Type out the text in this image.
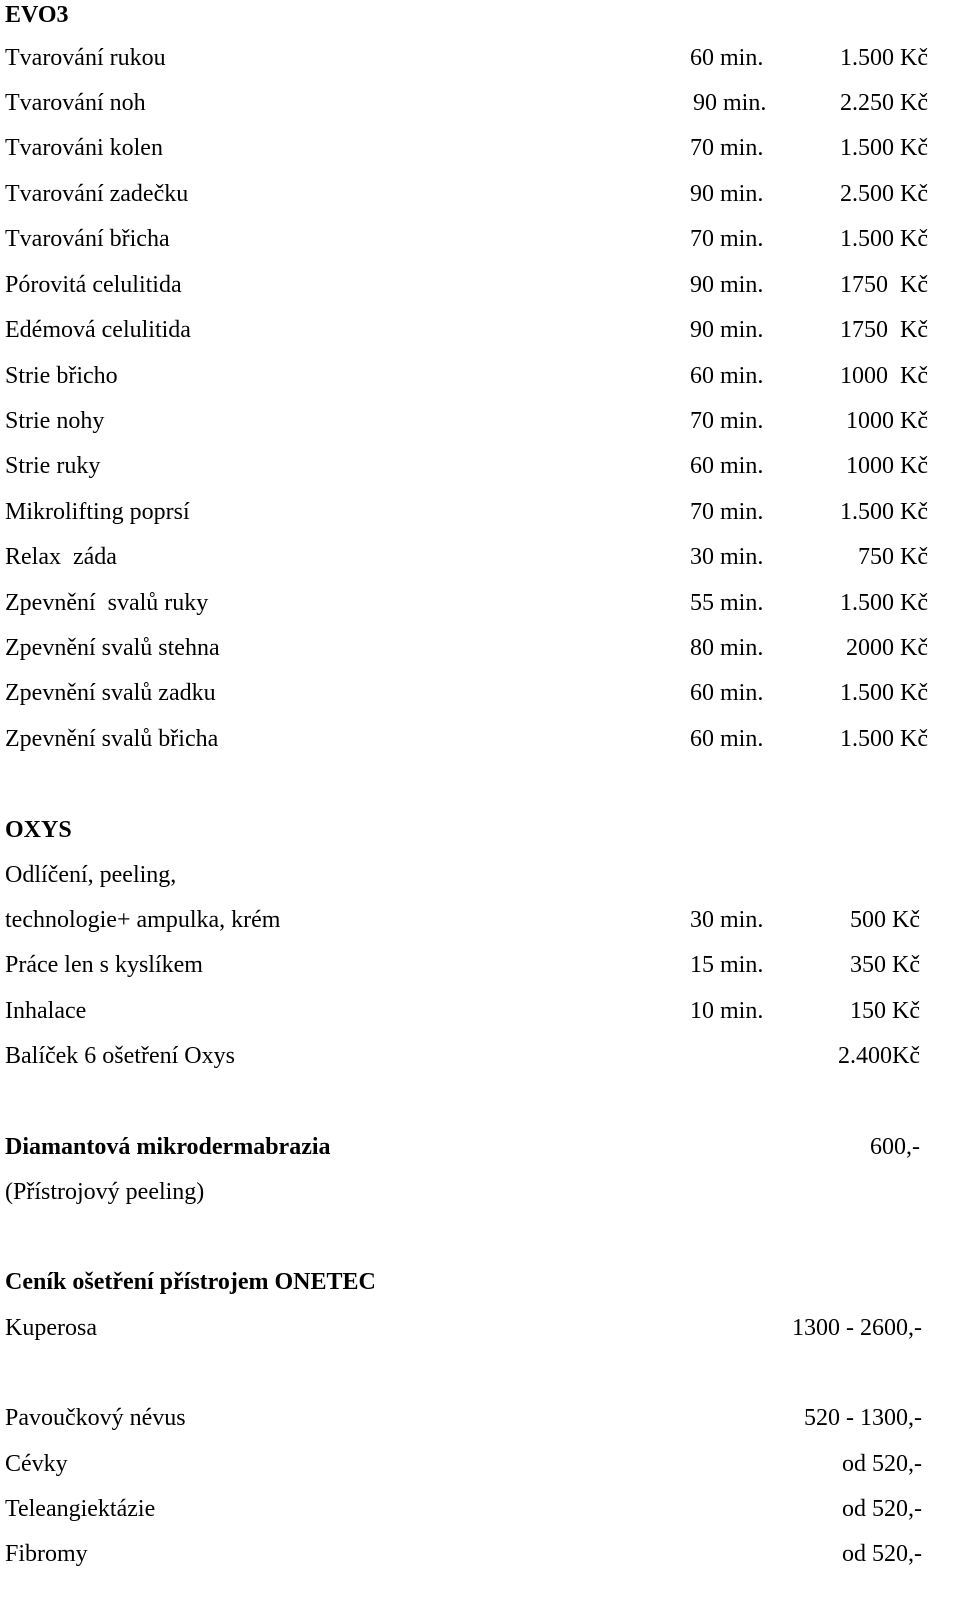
EVO3
Tvarování rukou	60 min.	1.500 Kč
Tvarování noh	90 min.	2.250 Kč
Tvarováni kolen	70 min.	1.500 Kč
Tvarování zadečku	90 min.	2.500 Kč
Tvarování břicha	70 min.	1.500 Kč
Pórovitá celulitida	90 min.	1750  Kč
Edémová celulitida	90 min.	1750  Kč
Strie břicho	60 min.	1000  Kč
Strie nohy	70 min.	1000 Kč
Strie ruky	60 min.	1000 Kč
Mikrolifting poprsí	70 min.	1.500 Kč
Relax  záda	30 min.	750 Kč
Zpevnění  svalů ruky	55 min.	1.500 Kč
Zpevnění svalů stehna	80 min.	2000 Kč
Zpevnění svalů zadku	60 min.	1.500 Kč
Zpevnění svalů břicha	60 min.	1.500 Kč
OXYS
Odlíčení, peeling,
technologie+ ampulka, krém	30 min.	500 Kč
Práce len s kyslíkem	15 min.	350 Kč
Inhalace	10 min.	150 Kč
Balíček 6 ošetření Oxys	2.400Kč
Diamantová mikrodermabrazia	600,-
(Přístrojový peeling)
Ceník ošetření přístrojem ONETEC
Kuperosa	1300 - 2600,-
Pavoučkový névus	520 - 1300,-
Cévky	od 520,-
Teleangiektázie	od 520,-
Fibromy	od 520,-
